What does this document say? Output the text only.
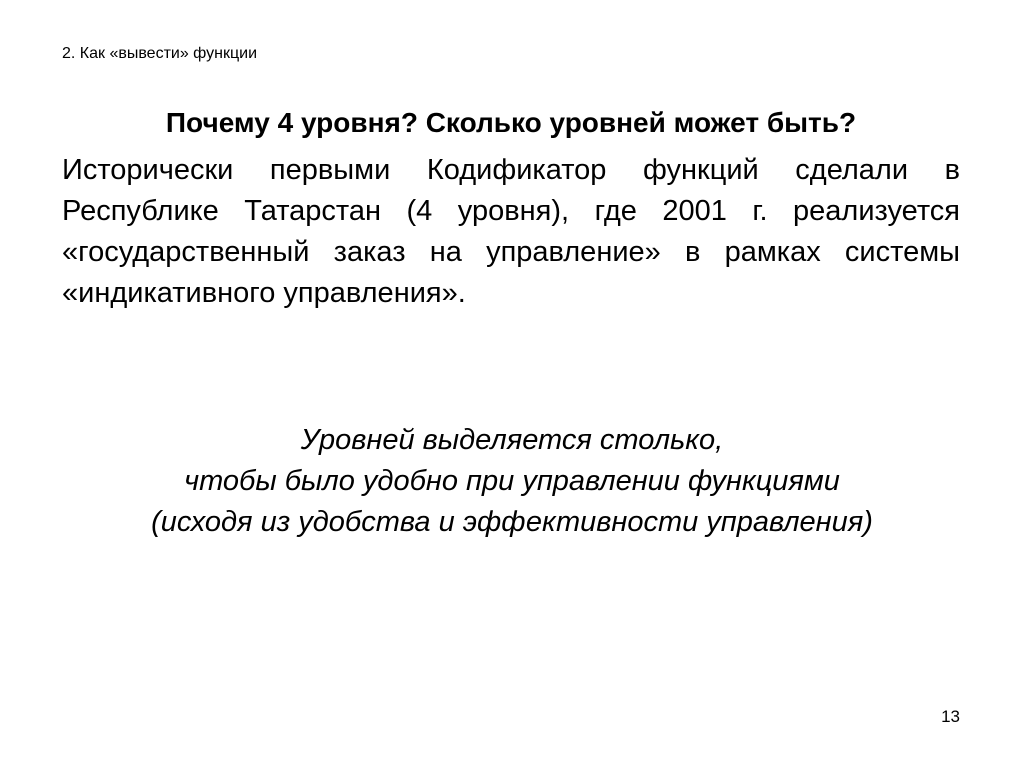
2. Как «вывести» функции
Почему 4 уровня? Сколько уровней может быть?

Исторически первыми Кодификатор функций сделали в Республике Татарстан (4 уровня), где 2001 г. реализуется «государственный заказ на управление» в рамках системы «индикативного управления».

Уровней выделяется столько,
чтобы было удобно при управлении функциями
(исходя из удобства и эффективности управления)
13
